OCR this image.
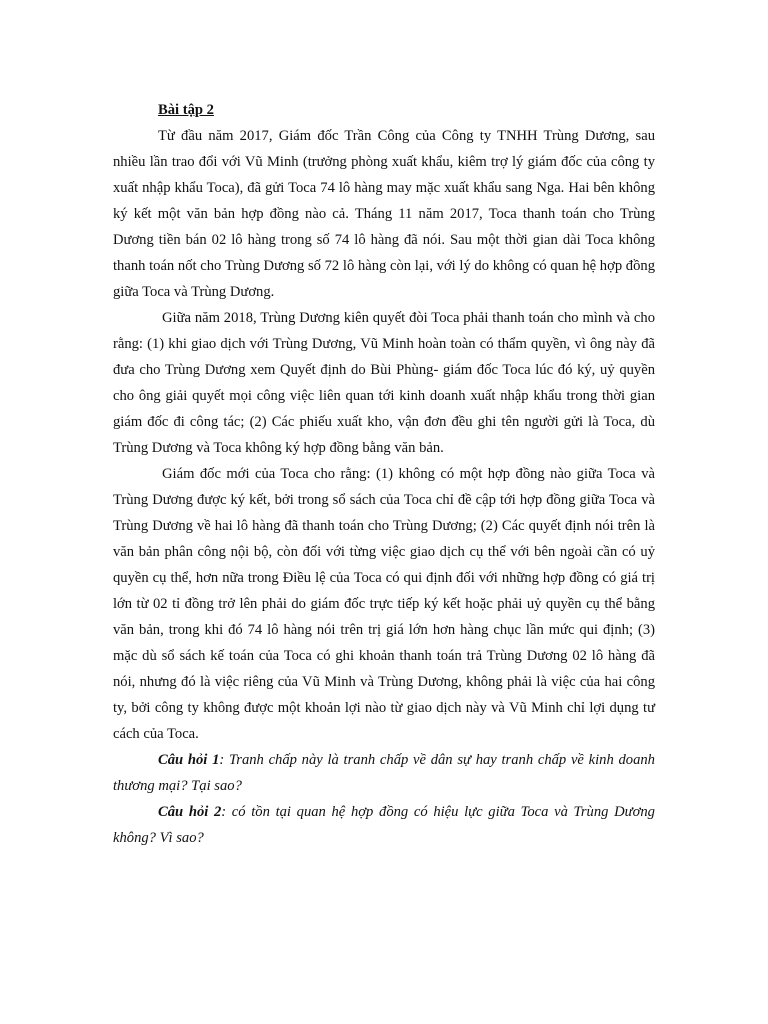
Bài tập 2

Từ đầu năm 2017, Giám đốc Trần Công của Công ty TNHH Trùng Dương, sau nhiều lần trao đổi với Vũ Minh (trưởng phòng xuất khẩu, kiêm trợ lý giám đốc của công ty xuất nhập khẩu Toca), đã gửi Toca 74 lô hàng may mặc xuất khẩu sang Nga. Hai bên không ký kết một văn bản hợp đồng nào cả. Tháng 11 năm 2017, Toca thanh toán cho Trùng Dương tiền bán 02 lô hàng trong số 74 lô hàng đã nói. Sau một thời gian dài Toca không thanh toán nốt cho Trùng Dương số 72 lô hàng còn lại, với lý do không có quan hệ hợp đồng giữa Toca và Trùng Dương.

Giữa năm 2018, Trùng Dương kiên quyết đòi Toca phải thanh toán cho mình và cho rằng: (1) khi giao dịch với Trùng Dương, Vũ Minh hoàn toàn có thẩm quyền, vì ông này đã đưa cho Trùng Dương xem Quyết định do Bùi Phùng- giám đốc Toca lúc đó ký, uỷ quyền cho ông giải quyết mọi công việc liên quan tới kinh doanh xuất nhập khẩu trong thời gian giám đốc đi công tác; (2) Các phiếu xuất kho, vận đơn đều ghi tên người gửi là Toca, dù Trùng Dương và Toca không ký hợp đồng bằng văn bản.

Giám đốc mới của Toca cho rằng: (1) không có một hợp đồng nào giữa Toca và Trùng Dương được ký kết, bởi trong sổ sách của Toca chỉ đề cập tới hợp đồng giữa Toca và Trùng Dương về hai lô hàng đã thanh toán cho Trùng Dương; (2) Các quyết định nói trên là văn bản phân công nội bộ, còn đối với từng việc giao dịch cụ thể với bên ngoài cần có uỷ quyền cụ thể, hơn nữa trong Điều lệ của Toca có qui định đối với những hợp đồng có giá trị lớn từ 02 tỉ đồng trở lên phải do giám đốc trực tiếp ký kết hoặc phải uỷ quyền cụ thể bằng văn bản, trong khi đó 74 lô hàng nói trên trị giá lớn hơn hàng chục lần mức qui định; (3) mặc dù sổ sách kế toán của Toca có ghi khoản thanh toán trả Trùng Dương 02 lô hàng đã nói, nhưng đó là việc riêng của Vũ Minh và Trùng Dương, không phải là việc của hai công ty, bởi công ty không được một khoản lợi nào từ giao dịch này và Vũ Minh chỉ lợi dụng tư cách của Toca.

Câu hỏi 1: Tranh chấp này là tranh chấp về dân sự hay tranh chấp về kinh doanh thương mại? Tại sao?

Câu hỏi 2: có tồn tại quan hệ hợp đồng có hiệu lực giữa Toca và Trùng Dương không? Vì sao?
